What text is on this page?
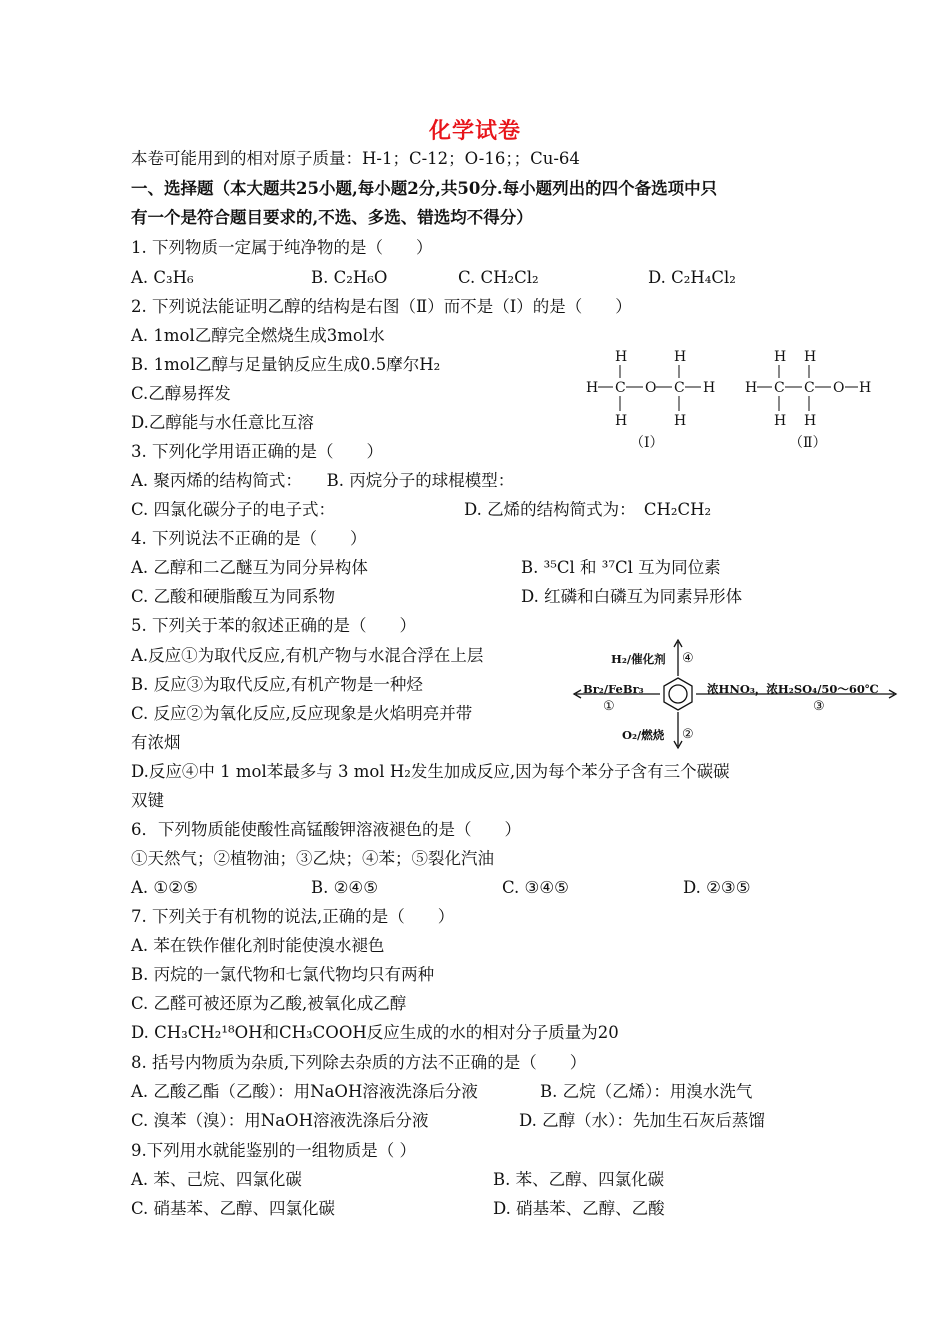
化学试卷
本卷可能用到的相对原子质量：H-1；C-12；O-16；；Cu-64
一、选择题（本大题共25小题,每小题2分,共50分.每小题列出的四个备选项中只
有一个是符合题目要求的,不选、多选、错选均不得分）
1. 下列物质一定属于纯净物的是（　　）
A. C₃H₆	B. C₂H₆O	C. CH₂Cl₂	D. C₂H₄Cl₂
2. 下列说法能证明乙醇的结构是右图（Ⅱ）而不是（Ⅰ）的是（　　）
A. 1mol乙醇完全燃烧生成3mol水
B. 1mol乙醇与足量钠反应生成0.5摩尔H₂
C.乙醇易挥发
D.乙醇能与水任意比互溶
H	H
H C O C H
H	H
H H
H C C O H
H H
（Ⅰ）	（Ⅱ）
3. 下列化学用语正确的是（　　）
A. 聚丙烯的结构简式：　　B. 丙烷分子的球棍模型：
C. 四氯化碳分子的电子式：	D. 乙烯的结构简式为：　CH₂CH₂
4. 下列说法不正确的是（　　）
A. 乙醇和二乙醚互为同分异构体	B. ³⁵Cl 和 ³⁷Cl 互为同位素
C. 乙酸和硬脂酸互为同系物	D. 红磷和白磷互为同素异形体
5. 下列关于苯的叙述正确的是（　　）
A.反应①为取代反应,有机产物与水混合浮在上层
B. 反应③为取代反应,有机产物是一种烃
C. 反应②为氧化反应,反应现象是火焰明亮并带
有浓烟
D.反应④中 1 mol苯最多与 3 mol H₂发生加成反应,因为每个苯分子含有三个碳碳
双键
H₂/催化剂 ④
Br₂/FeBr₃
①
浓HNO₃，浓H₂SO₄/50～60℃
③
O₂/燃烧 ②
6．下列物质能使酸性高锰酸钾溶液褪色的是（　　）
①天然气；②植物油；③乙炔；④苯；⑤裂化汽油
A. ①②⑤	B. ②④⑤	C. ③④⑤	D. ②③⑤
7. 下列关于有机物的说法,正确的是（　　）
A. 苯在铁作催化剂时能使溴水褪色
B. 丙烷的一氯代物和七氯代物均只有两种
C. 乙醛可被还原为乙酸,被氧化成乙醇
D. CH₃CH₂¹⁸OH和CH₃COOH反应生成的水的相对分子质量为20
8. 括号内物质为杂质,下列除去杂质的方法不正确的是（　　）
A. 乙酸乙酯（乙酸）：用NaOH溶液洗涤后分液	B. 乙烷（乙烯）：用溴水洗气
C. 溴苯（溴）：用NaOH溶液洗涤后分液	D. 乙醇（水）：先加生石灰后蒸馏
9.下列用水就能鉴别的一组物质是（ ）
A. 苯、己烷、四氯化碳	B. 苯、乙醇、四氯化碳
C. 硝基苯、乙醇、四氯化碳	D. 硝基苯、乙醇、乙酸
